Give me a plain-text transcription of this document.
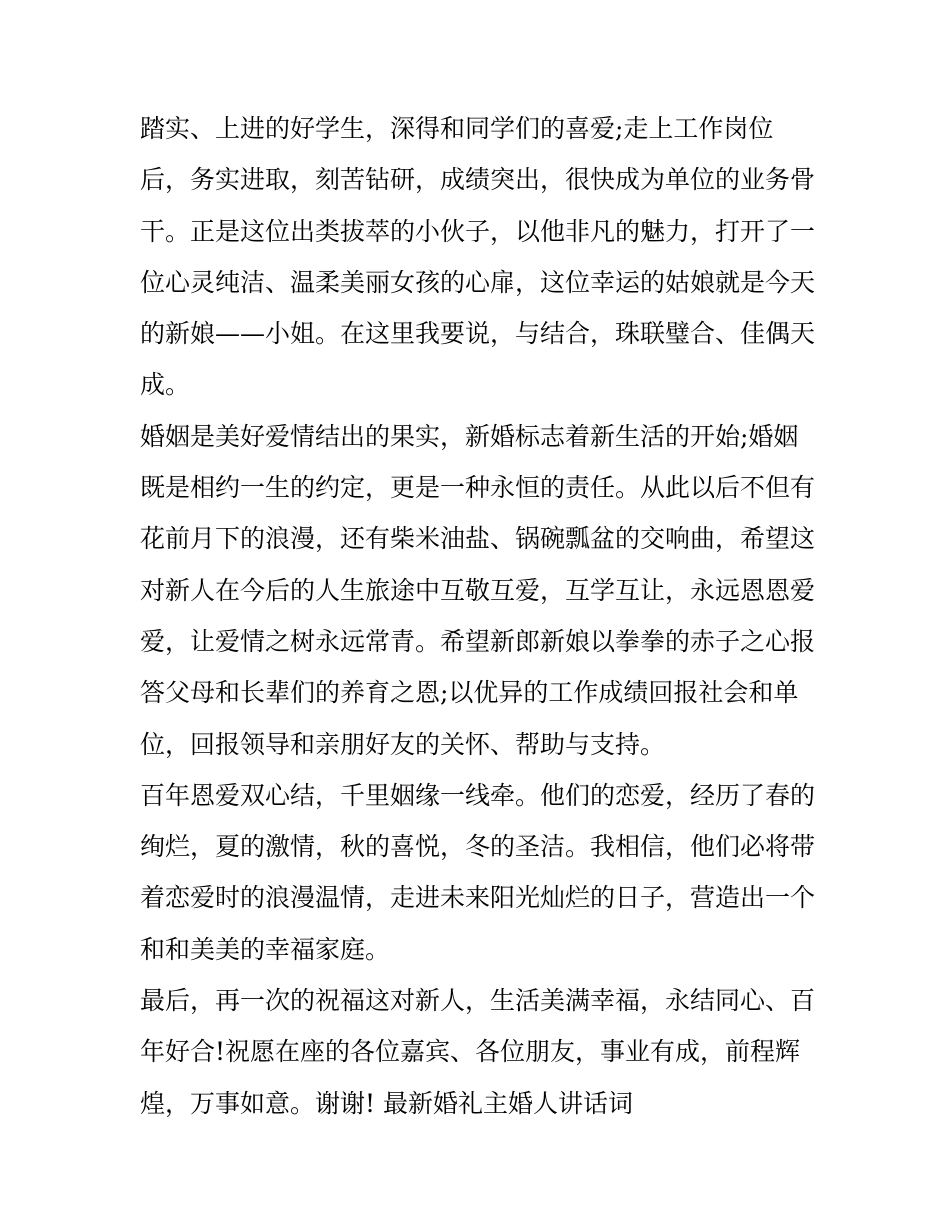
踏实、上进的好学生，深得和同学们的喜爱;走上工作岗位
后，务实进取，刻苦钻研，成绩突出，很快成为单位的业务骨
干。正是这位出类拔萃的小伙子，以他非凡的魅力，打开了一
位心灵纯洁、温柔美丽女孩的心扉，这位幸运的姑娘就是今天
的新娘——小姐。在这里我要说，与结合，珠联璧合、佳偶天
成。
婚姻是美好爱情结出的果实，新婚标志着新生活的开始;婚姻
既是相约一生的约定，更是一种永恒的责任。从此以后不但有
花前月下的浪漫，还有柴米油盐、锅碗瓢盆的交响曲，希望这
对新人在今后的人生旅途中互敬互爱，互学互让，永远恩恩爱
爱，让爱情之树永远常青。希望新郎新娘以拳拳的赤子之心报
答父母和长辈们的养育之恩;以优异的工作成绩回报社会和单
位，回报领导和亲朋好友的关怀、帮助与支持。
百年恩爱双心结，千里姻缘一线牵。他们的恋爱，经历了春的
绚烂，夏的激情，秋的喜悦，冬的圣洁。我相信，他们必将带
着恋爱时的浪漫温情，走进未来阳光灿烂的日子，营造出一个
和和美美的幸福家庭。
最后，再一次的祝福这对新人，生活美满幸福，永结同心、百
年好合!祝愿在座的各位嘉宾、各位朋友，事业有成，前程辉
煌，万事如意。谢谢! 最新婚礼主婚人讲话词
